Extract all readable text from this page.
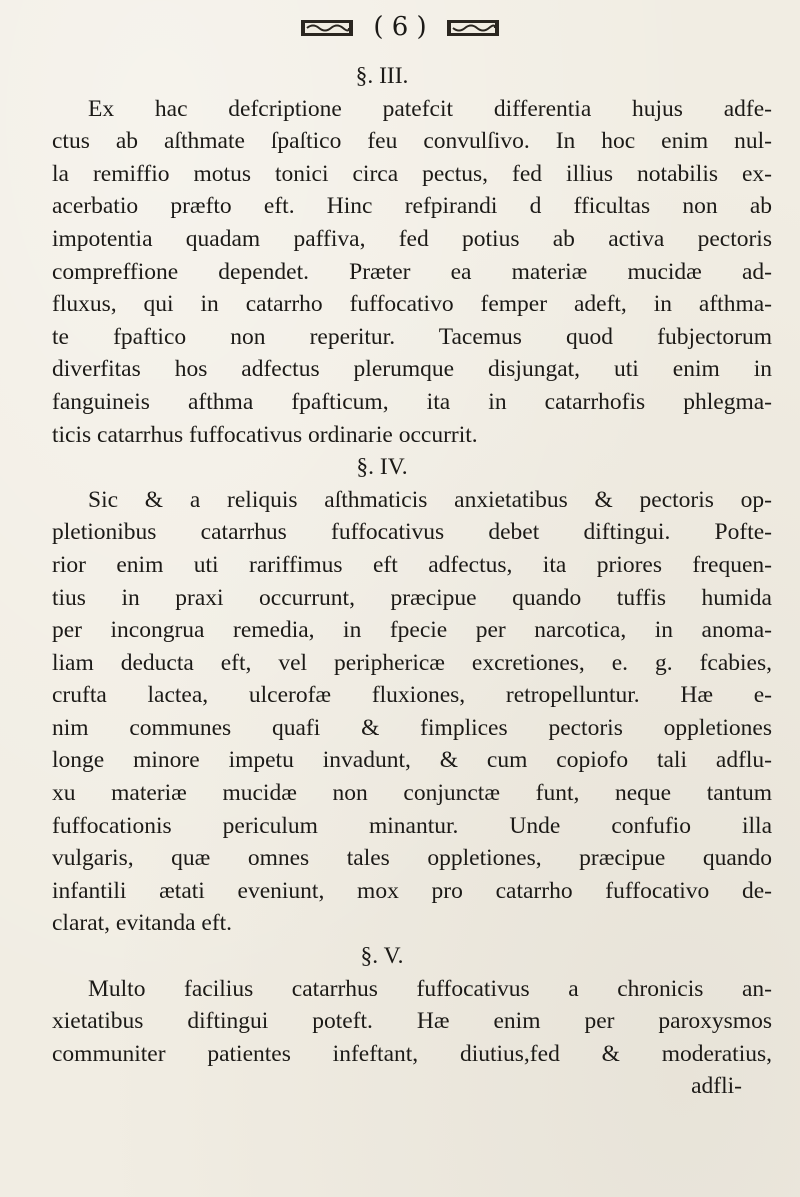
( 6 )
§. III.
Ex hac defcriptione patefcit differentia hujus adfe-
ctus ab aſthmate ſpaſtico feu convulſivo. In hoc enim nul-
la remiffio motus tonici circa pectus, fed illius notabilis ex-
acerbatio præfto eft. Hinc refpirandi d fficultas non ab
impotentia quadam paffiva, fed potius ab activa pectoris
compreffione dependet. Præter ea materiæ mucidæ ad-
fluxus, qui in catarrho fuffocativo femper adeft, in afthma-
te fpaftico non reperitur. Tacemus quod fubjectorum
diverfitas hos adfectus plerumque disjungat, uti enim in
fanguineis afthma fpafticum, ita in catarrhofis phlegma-
ticis catarrhus fuffocativus ordinarie occurrit.
§. IV.
Sic & a reliquis aſthmaticis anxietatibus & pectoris op-
pletionibus catarrhus fuffocativus debet diftingui. Pofte-
rior enim uti rariffimus eft adfectus, ita priores frequen-
tius in praxi occurrunt, præcipue quando tuffis humida
per incongrua remedia, in fpecie per narcotica, in anoma-
liam deducta eft, vel periphericæ excretiones, e. g. fcabies,
crufta lactea, ulcerofæ fluxiones, retropelluntur. Hæ e-
nim communes quafi & fimplices pectoris oppletiones
longe minore impetu invadunt, & cum copiofo tali adflu-
xu materiæ mucidæ non conjunctæ funt, neque tantum
fuffocationis periculum minantur. Unde confufio illa
vulgaris, quæ omnes tales oppletiones, præcipue quando
infantili ætati eveniunt, mox pro catarrho fuffocativo de-
clarat, evitanda eft.
§. V.
Multo facilius catarrhus fuffocativus a chronicis an-
xietatibus diftingui poteft. Hæ enim per paroxysmos
communiter patientes infeftant, diutius,fed & moderatius,
adfli-
